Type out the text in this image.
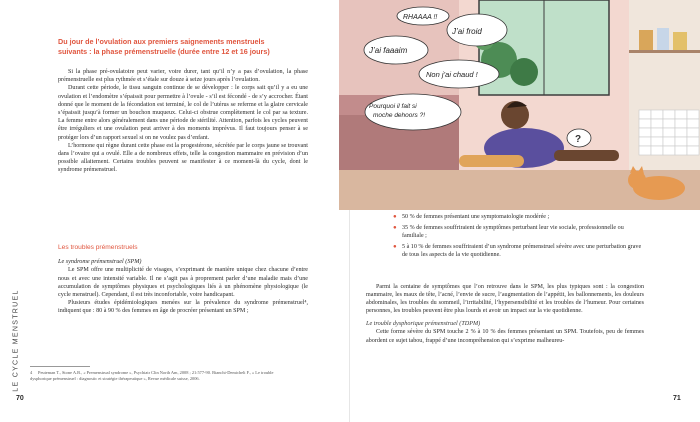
LE CYCLE MENSTRUEL
Du jour de l’ovulation aux premiers saignements menstruels suivants : la phase prémenstruelle (durée entre 12 et 16 jours)

Si la phase pré-ovulatoire peut varier, voire durer, tant qu’il n’y a pas d’ovulation, la phase prémenstruelle est plus rythmée et s’étale sur douze à seize jours après l’ovulation.

Durant cette période, le tissu sanguin continue de se développer : le corps sait qu’il y a eu une ovulation et l’endomètre s’épaissit pour permettre à l’ovule - s’il est fécondé - de s’y accrocher. Étant donné que le moment de la fécondation est terminé, le col de l’utérus se referme et la glaire cervicale s’épaissit jusqu’à former un bouchon muqueux. Celui-ci obstrue complètement le col par sa texture. La femme entre alors généralement dans une période de stérilité. Attention, parfois les cycles peuvent être irréguliers et une ovulation peut arriver à des moments imprévus. Il faut toujours penser à se protéger lors d’un rapport sexuel si on ne voulez pas d’enfant.

L’hormone qui règne durant cette phase est la progestérone, sécrétée par le corps jaune se trouvant dans l’ovaire qui a ovulé. Elle a de nombreux effets, telle la congestion mammaire en prévision d’un possible allaitement. Certains troubles peuvent se manifester à ce moment-là du cycle, dont le syndrome prémenstruel.

Les troubles prémenstruels

Le syndrome prémenstruel (SPM)

Le SPM offre une multiplicité de visages, s’exprimant de manière unique chez chacune d’entre nous et avec une intensité variable. Il ne s’agit pas à proprement parler d’une maladie mais d’une accumulation de symptômes physiques et psychologiques liés à un phénomène physiologique (le cycle menstruel). Cependant, il est très inconfortable, voire handicapant.

Plusieurs études épidémiologiques menées sur la prévalence du syndrome prémenstruel⁴, indiquent que : 80 à 90 % des femmes en âge de procréer présentant un SPM ;

4 Peuteman T., Stone A.B., « Premenstrual syndrome », Psychiatr Clin North Am, 2008 ; 21:577-90. Bianchi-Demicheli F., « Le trouble dysphorique prémenstruel : diagnostic et stratégie thérapeutique », Revue médicale suisse, 2006.
70
?
RHAAAA !!
J’ai faaaim
J’ai froid
Non j’ai chaud !
Pourquoi il fait si moche dehoors ?!
● 50 % de femmes présentant une symptomatologie modérée ;
● 35 % de femmes souffriraient de symptômes perturbant leur vie sociale, professionnelle ou familiale ;
● 5 à 10 % de femmes souffriraient d’un syndrome prémenstruel sévère avec une perturbation grave de tous les aspects de la vie quotidienne.

Parmi la centaine de symptômes que l’on retrouve dans le SPM, les plus typiques sont : la congestion mammaire, les maux de tête, l’acné, l’envie de sucre, l’augmentation de l’appétit, les ballonnements, les douleurs abdominales, les troubles du sommeil, l’irritabilité, l’hypersensibilité et les troubles de l’humeur. Pour certaines personnes, les troubles peuvent être plus lourds et avoir un impact sur la vie quotidienne.

Le trouble dysphorique prémenstruel (TDPM)

Cette forme sévère du SPM touche 2 % à 10 % des femmes présentant un SPM. Toutefois, peu de femmes abordent ce sujet tabou, frappé d’une incompréhension qui s’exprime malheureu-

71
